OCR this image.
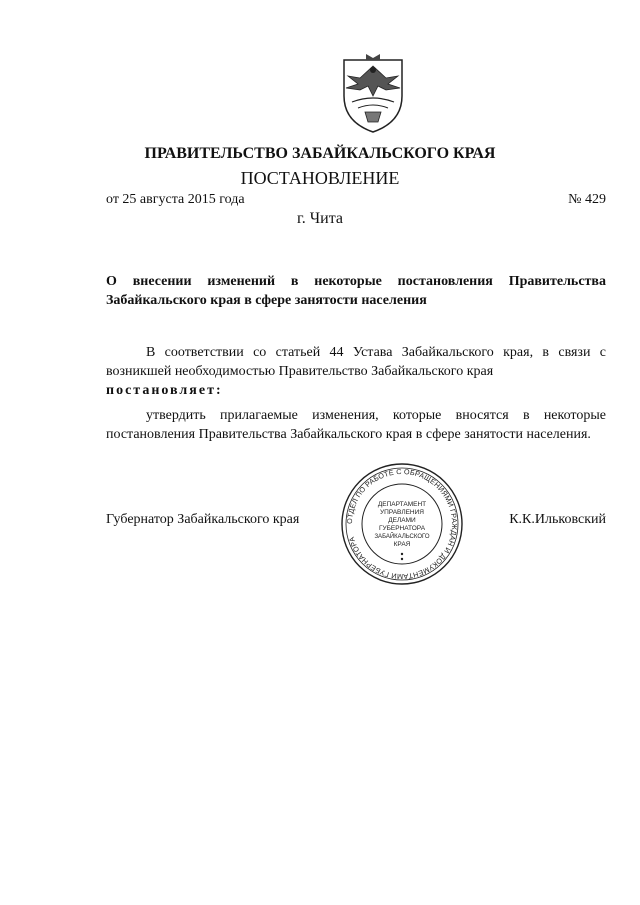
ПРАВИТЕЛЬСТВО ЗАБАЙКАЛЬСКОГО КРАЯ
ПОСТАНОВЛЕНИЕ
от 25 августа 2015 года	№ 429
г. Чита
О внесении изменений в некоторые постановления Правительства Забайкальского края в сфере занятости населения
В соответствии со статьей 44 Устава Забайкальского края, в связи с возникшей необходимостью Правительство Забайкальского края
постановляет:
утвердить прилагаемые изменения, которые вносятся в некоторые постановления Правительства Забайкальского края в сфере занятости населения.
Губернатор Забайкальского края	К.К.Ильковский
ОТДЕЛ ПО РАБОТЕ С ОБРАЩЕНИЯМИ ГРАЖДАН И ДОКУМЕНТАМИ ГУБЕРНАТОРА
ДЕПАРТАМЕНТ
УПРАВЛЕНИЯ
ДЕЛАМИ
ГУБЕРНАТОРА
ЗАБАЙКАЛЬСКОГО
КРАЯ
